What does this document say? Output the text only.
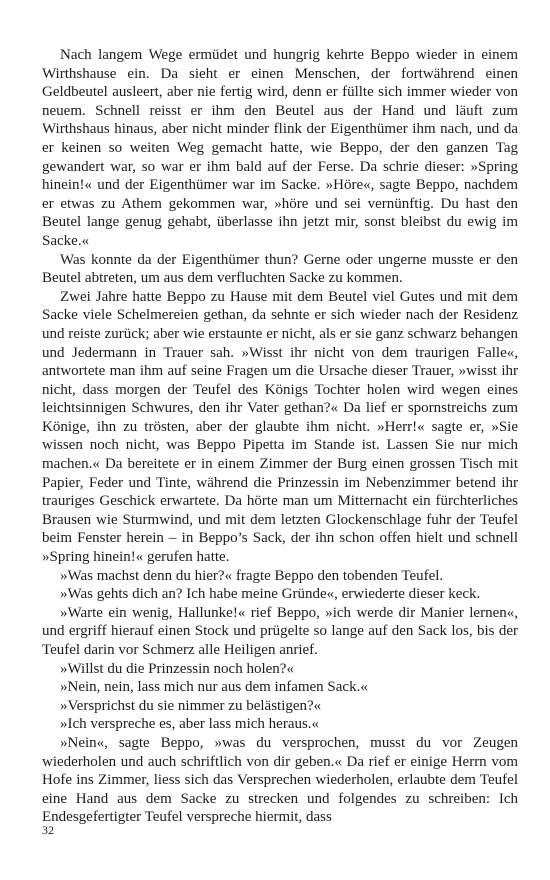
Nach langem Wege ermüdet und hungrig kehrte Beppo wieder in einem Wirthshause ein. Da sieht er einen Menschen, der fortwährend einen Geldbeutel ausleert, aber nie fertig wird, denn er füllte sich immer wieder von neuem. Schnell reisst er ihm den Beutel aus der Hand und läuft zum Wirthshaus hinaus, aber nicht minder flink der Eigenthümer ihm nach, und da er keinen so weiten Weg gemacht hatte, wie Beppo, der den ganzen Tag gewandert war, so war er ihm bald auf der Ferse. Da schrie dieser: »Spring hinein!« und der Eigenthümer war im Sacke. »Höre«, sagte Beppo, nachdem er etwas zu Athem gekommen war, »höre und sei vernünftig. Du hast den Beutel lange genug gehabt, überlasse ihn jetzt mir, sonst bleibst du ewig im Sacke.«

Was konnte da der Eigenthümer thun? Gerne oder ungerne musste er den Beutel abtreten, um aus dem verfluchten Sacke zu kommen.

Zwei Jahre hatte Beppo zu Hause mit dem Beutel viel Gutes und mit dem Sacke viele Schelmereien gethan, da sehnte er sich wieder nach der Residenz und reiste zurück; aber wie erstaunte er nicht, als er sie ganz schwarz behangen und Jedermann in Trauer sah. »Wisst ihr nicht von dem traurigen Falle«, antwortete man ihm auf seine Fragen um die Ursache dieser Trauer, »wisst ihr nicht, dass morgen der Teufel des Königs Tochter holen wird wegen eines leichtsinnigen Schwures, den ihr Vater gethan?« Da lief er spornstreichs zum Könige, ihn zu trösten, aber der glaubte ihm nicht. »Herr!« sagte er, »Sie wissen noch nicht, was Beppo Pipetta im Stande ist. Lassen Sie nur mich machen.« Da bereitete er in einem Zimmer der Burg einen grossen Tisch mit Papier, Feder und Tinte, während die Prinzessin im Nebenzimmer betend ihr trauriges Geschick erwartete. Da hörte man um Mitternacht ein fürchterliches Brausen wie Sturmwind, und mit dem letzten Glockenschlage fuhr der Teufel beim Fenster herein – in Beppo’s Sack, der ihn schon offen hielt und schnell »Spring hinein!« gerufen hatte.

»Was machst denn du hier?« fragte Beppo den tobenden Teufel.

»Was gehts dich an? Ich habe meine Gründe«, erwiederte dieser keck.

»Warte ein wenig, Hallunke!« rief Beppo, »ich werde dir Manier lernen«, und ergriff hierauf einen Stock und prügelte so lange auf den Sack los, bis der Teufel darin vor Schmerz alle Heiligen anrief.

»Willst du die Prinzessin noch holen?«

»Nein, nein, lass mich nur aus dem infamen Sack.«

»Versprichst du sie nimmer zu belästigen?«

»Ich verspreche es, aber lass mich heraus.«

»Nein«, sagte Beppo, »was du versprochen, musst du vor Zeugen wiederholen und auch schriftlich von dir geben.« Da rief er einige Herrn vom Hofe ins Zimmer, liess sich das Versprechen wiederholen, erlaubte dem Teufel eine Hand aus dem Sacke zu strecken und folgendes zu schreiben: Ich Endesgefertigter Teufel verspreche hiermit, dass

32
